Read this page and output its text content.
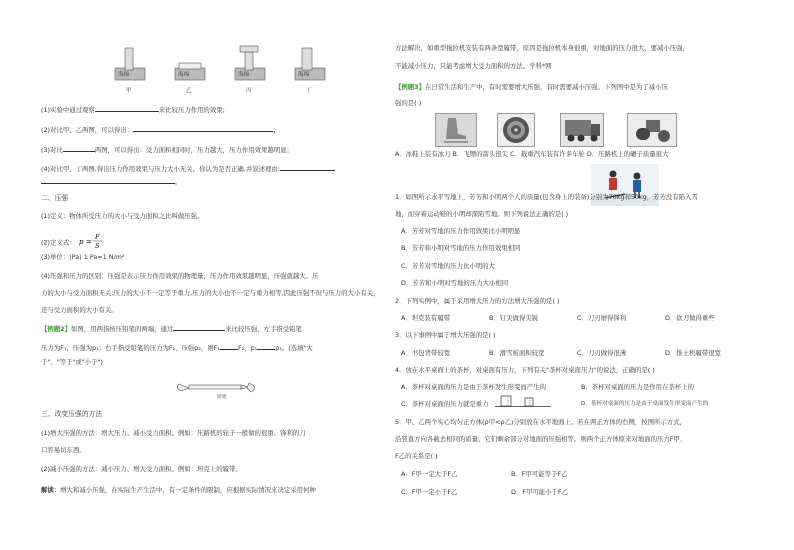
海绵	海绵	海绵	海绵
甲	乙	丙	丁
(1)实验中通过观察	来比较压力作用的效果;
(2)对比甲、乙两图，可以得出：	；
(3)对比	两图，可以得出：受力面积相同时，压力越大，压力作用效果越明显；
(4)对比甲、丁两图,得出压力作用效果与压力大小无关。你认为是否正确,并叙述理由:
。
二、压强
(1)定义：物体所受压力的大小与受力面积之比叫做压强。
(2)定义式： p =
F
S
(3)单位：(Pa) 1 Pa=1 N/m²
(4)压强和压力的区别：压强是表示压力作用效果的物理量，压力作用效果越明显，压强就越大。压
力的大小与受力面积无关;压力的大小不一定等于重力,压力的大小也不一定与重力相等,因此压强不但与压力的大小有关，
还与受力面积的大小有关。
【例题2】如图，用两指按压铅笔的两端，通过	来比较压强，左手指受铅笔
压力为F₁、压强为p₁；右手指受铅笔的压力为F₂、压强p₂，则F₁	F₂，p₁	p₂。(选填"大
于"、"等于"或"小于")
铅笔
三、改变压强的方法
(1)增大压强的方法：增大压力、减小受力面积。例如：压路机的轮子一般做的很重、锋利的刀
口容易切东西。
(2)减小压强的方法：减小压力、增大受力面积。例如：坦克上的履带。
解读：增大和减小压强，在实际生产生活中，有一定条件的限制，应根据实际情况来决定采用何种
方法解决，如重型拖拉机安装有两条宽履带，原因是拖拉机本身很重，对地面的压力很大，要减小压强，
不能减小压力，只能考虑增大受力面积的方法。学科*网
【例题3】在日常生活和生产中，有时需要增大压强，有时需要减小压强。下列图中是为了减小压
强的是( )
A．冰鞋上装有冰刀 B．飞镖的箭头很尖 C．载重汽车装有许多车轮 D．压路机上的碾子质量很大
1．如图所示水平雪地上，芳芳和小明两个人的质量(包含身上的装备)分别为70kg和50kg，芳芳没有陷入雪
地，而穿着运动鞋的小明却深陷雪地。则下列说法正确的是( )
A．芳芳对雪地的压力作用效果比小明明显
B．芳芳和小明对雪地的压力作用效果相同
C．芳芳对雪地的压力比小明的大
D．芳芳和小明对雪地的压力大小相同
2．下列实例中，属于采用增大压力的方法增大压强的是( )
A．坦克装有履带	B．钉尖做得尖锐	C．刀刃磨得锋利	D．砍刀做得重些
3．以下事例中属于增大压强的是( )
A．书包背带较宽	B．滑雪板面积较宽	C．刀刃做得很薄	D．推土机履带很宽
4．放在水平桌面上的茶杯，对桌面有压力，下列有关"茶杯对桌面压力"的说法，正确的是( )
A．茶杯对桌面的压力是由于茶杯发生形变而产生的	B．茶杯对桌面的压力是作用在茶杯上的
C．茶杯对桌面的压力就是重力	D．茶杯对桌面的压力是由于桌面发生形变而产生的
5．甲、乙两个实心均匀正方体(ρ甲<ρ乙)分别放在水平地面上。若在两正方体的右侧，按图所示方式，
沿竖直方向各截去相同的质量，它们剩余部分对地面的压强相等。则两个正方体原来对地面的压力F甲、
F乙的关系是( )
A．F甲一定大于F乙	B．F甲可能等于F乙
C．F甲一定小于F乙	D．F甲可能小于F乙
